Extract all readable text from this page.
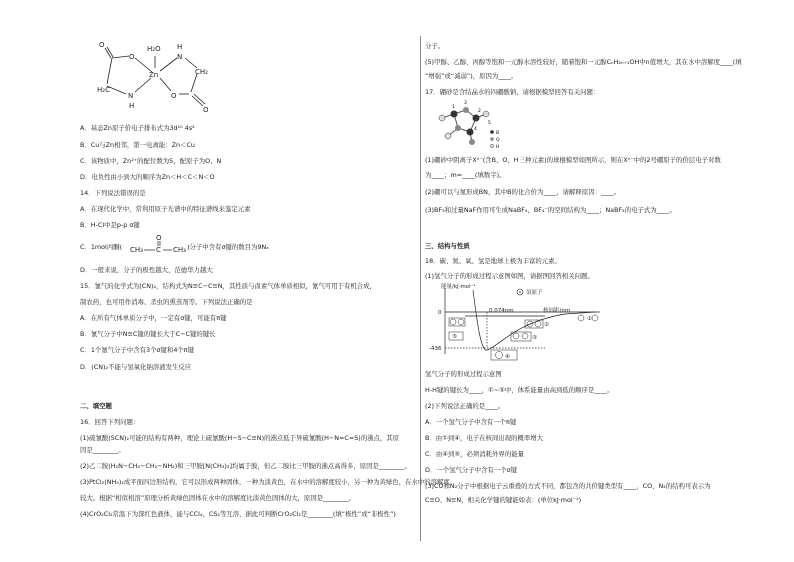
O
O
H₂O
Zn
N
H
H₂C
N
H
CH₂
O
O
A．基态Zn原子价电子排布式为3d¹⁰ 4s²
B．Cu与Zn相邻，第一电离能：Zn＜Cu
C．该物质中，Zn²⁺的配位数为5，配原子为O、N
D．电负性由小到大的顺序为Zn＜H＜C＜N＜O
14．下列说法错误的是
A．在现代化学中，常利用原子光谱中的特征谱线来鉴定元素
B．H-Cl中是p-p σ键
C．1mol丙酮(
O
CH₃ C CH₃ )分子中含有σ键的数目为9Nₐ
D．一般来说，分子的极性越大，范德华力越大
15．氰气的化学式为(CN)₂，结构式为N≡C−C≡N，其性质与卤素气体单质相似，氰气可用于有机合成，
制农药，也可用作消毒、杀虫的熏蒸剂等。下列说法正确的是
A．在所有气体单质分子中，一定有σ键，可能有π键
B．氰气分子中N≡C键的键长大于C−C键的键长
C．1个氰气分子中含有3个σ键和4个π键
D．(CN)₂不能与氢氧化钠溶液发生反应
二、填空题
16．回答下列问题：
(1)硫氰酸(SCN)₂可能的结构有两种，理论上硫氰酸(H−S−C≡N)的沸点低于异硫氰酸(H−N=C=S)的沸点，其原
因是________。
(2)乙二胺(H₂N−CH₂−CH₂−NH₂)和三甲胺[N(CH₃)₃]均属于胺，但乙二胺比三甲胺的沸点高得多，原因是________。
(3)PtCl₂(NH₃)₂成平面四边形结构，它可以形成两种固体，一种为淡黄色，在水中的溶解度较小，另一种为黄绿色，在水中的溶解度
较大。根据“相似相溶”原理分析黄绿色固体在水中的溶解度比淡黄色固体的大，原因是________。
(4)CrO₂Cl₂常温下为深红色液体，能与CCl₄、CS₂等互溶，据此可判断CrO₂Cl₂是________(填“极性”或“非极性”)
分子。
(5)甲醇、乙醇、丙醇等饱和一元醇水溶性较好，随着饱和一元醇CₙH₂ₙ₊₁OH中n值增大，其在水中溶解度____(填
“增强”或“减弱”)，原因为____。
17．硼砂是含结晶水的四硼酸钠，请根据模型回答有关问题：
1
2
3
4
5
B
O
H
(1)硼砂中阴离子Xⁿ⁻(含B、O、H三种元素)的球棍模型如图所示，则在Xⁿ⁻中的2号硼原子的价层电子对数
为____；m=____(填数字)。
(2)硼可以与氮形成BN，其中B的化合价为____，请解释原因：____。
(3)BF₃和过量NaF作用可生成NaBF₄，BF₄⁻的空间结构为____；NaBF₄的电子式为____。
三、结构与性质
18．碳、氮、氧、氢是地球上极为丰富的元素。
(1)氢气分子的形成过程示意图如图，请据图回答相关问题。
能量/kJ·mol⁻¹
氢原子
0.074nm	核间距/nm
0
-436
①
②
③
④
⑤
氢气分子的形成过程示意图
H-H键的键长为____，①~⑤中，体系能量由高到低的顺序是____。
(2)下列说法正确的是____。
A．一个氢气分子中含有一个π键
B．由①到④，电子在核间出现的概率增大
C．由④到⑤，必须消耗外界的能量
D．一个氢气分子中含有一个σ键
(3)CO和N₂分子中根据电子云重叠的方式不同，都包含的共价键类型有____，CO、N₂的结构可表示为
C≡O、N≡N，相关化学键的键能如表：(单位kJ·mol⁻¹)
